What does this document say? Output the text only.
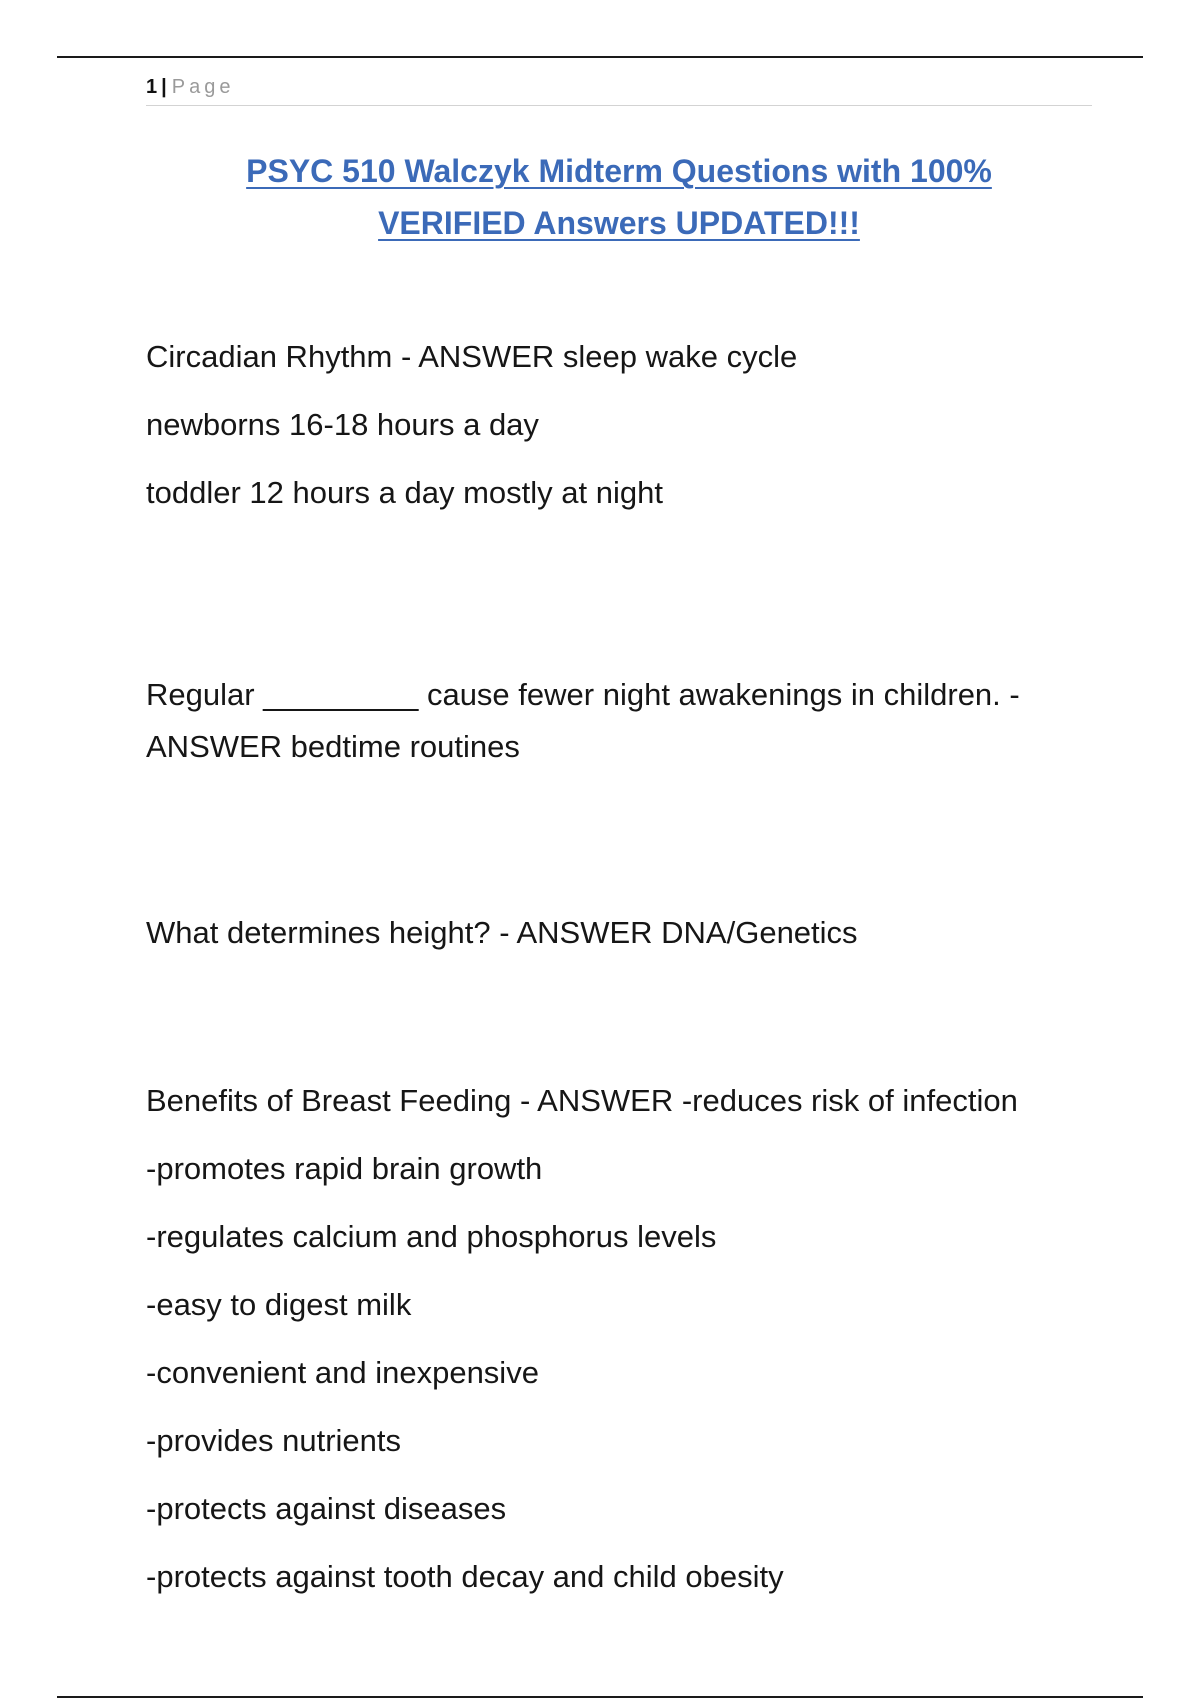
1 | Page
PSYC 510 Walczyk Midterm Questions with 100%
VERIFIED Answers UPDATED!!!
Circadian Rhythm - ANSWER sleep wake cycle
newborns 16-18 hours a day
toddler 12 hours a day mostly at night
Regular _________ cause fewer night awakenings in children. -
ANSWER bedtime routines
What determines height? - ANSWER DNA/Genetics
Benefits of Breast Feeding - ANSWER -reduces risk of infection
-promotes rapid brain growth
-regulates calcium and phosphorus levels
-easy to digest milk
-convenient and inexpensive
-provides nutrients
-protects against diseases
-protects against tooth decay and child obesity
